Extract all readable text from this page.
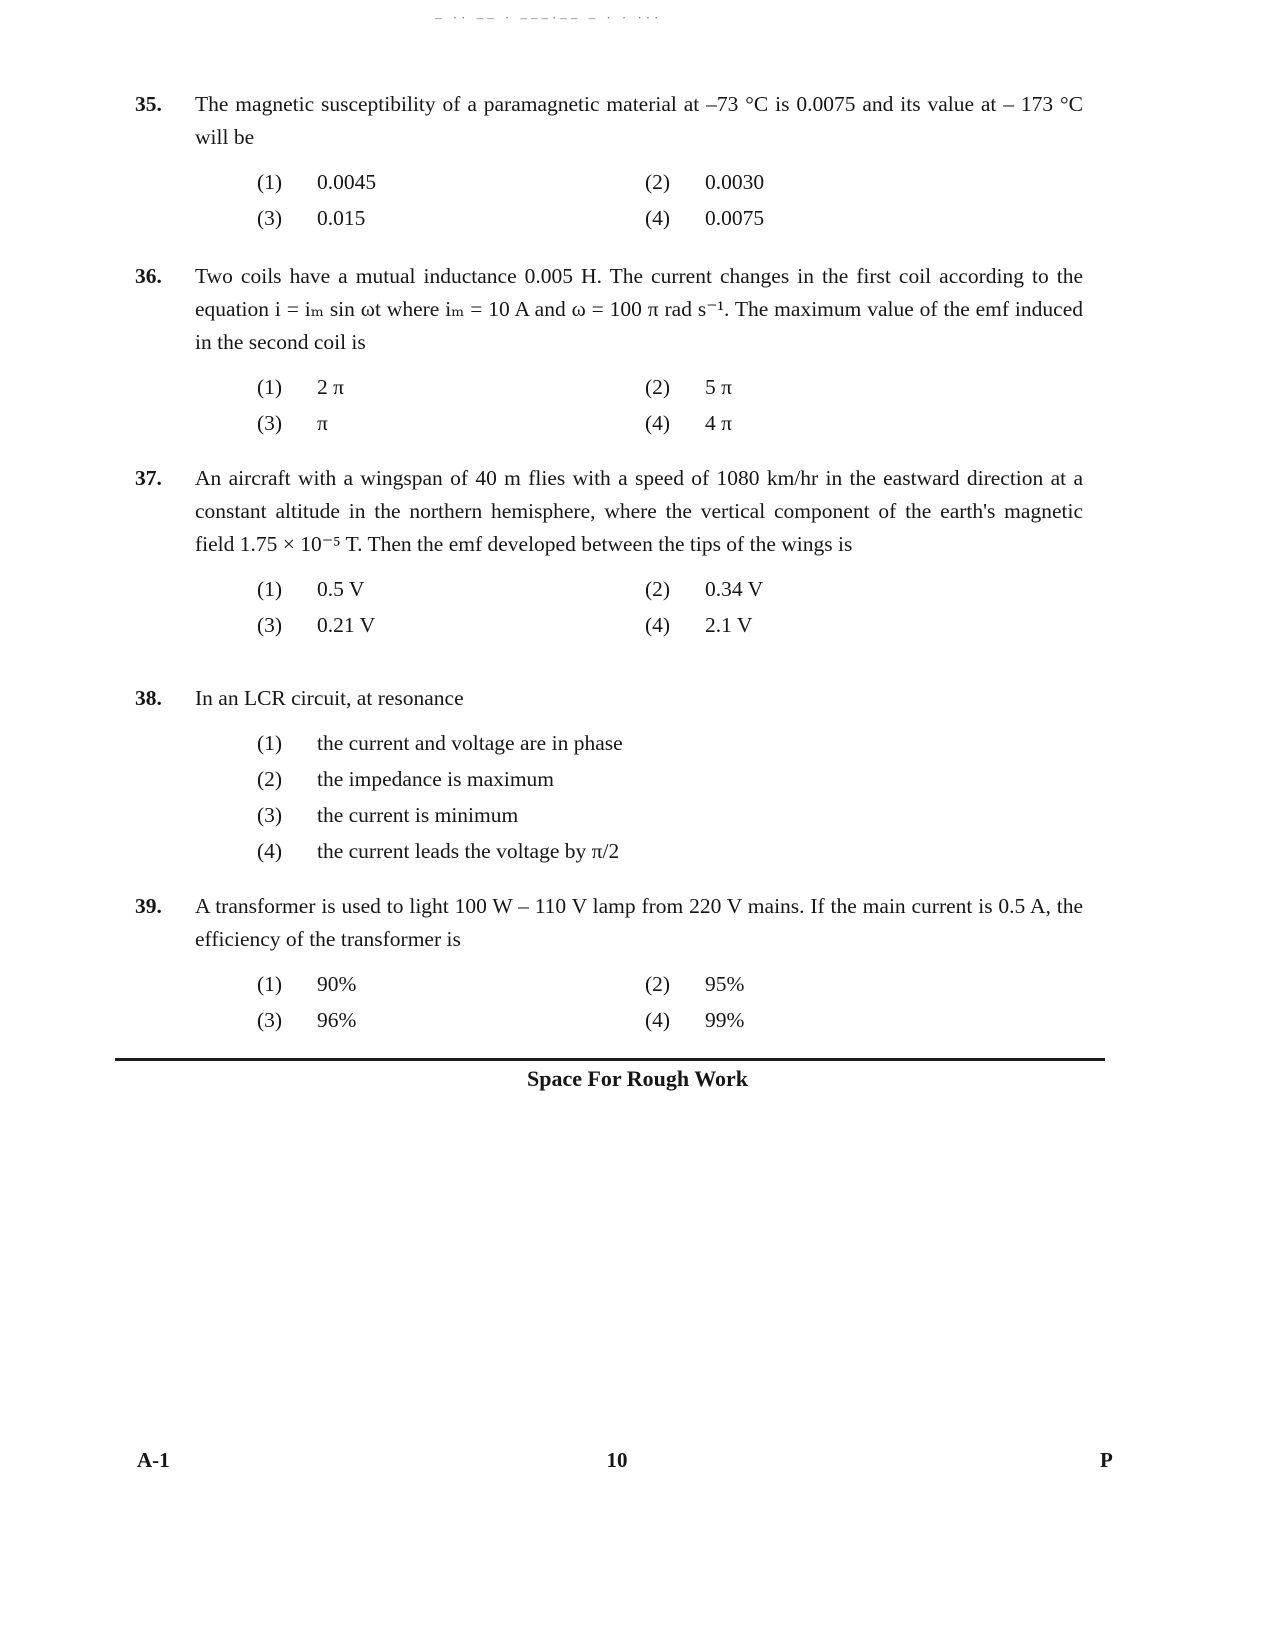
– ·· –– · –––·–– – · · ···
35.	The magnetic susceptibility of a paramagnetic material at –73 °C is 0.0075 and its value at – 173 °C will be

(1)	0.0045	(2)	0.0030
(3)	0.015	(4)	0.0075
36.	Two coils have a mutual inductance 0.005 H. The current changes in the first coil according to the equation i = iₘ sin ωt where iₘ = 10 A and ω = 100 π rad s⁻¹. The maximum value of the emf induced in the second coil is

(1)	2 π	(2)	5 π
(3)	π	(4)	4 π
37.	An aircraft with a wingspan of 40 m flies with a speed of 1080 km/hr in the eastward direction at a constant altitude in the northern hemisphere, where the vertical component of the earth's magnetic field 1.75 × 10⁻⁵ T. Then the emf developed between the tips of the wings is

(1)	0.5 V	(2)	0.34 V
(3)	0.21 V	(4)	2.1 V
38.	In an LCR circuit, at resonance

(1)	the current and voltage are in phase
(2)	the impedance is maximum
(3)	the current is minimum
(4)	the current leads the voltage by π/2
39.	A transformer is used to light 100 W – 110 V lamp from 220 V mains. If the main current is 0.5 A, the efficiency of the transformer is

(1)	90%	(2)	95%
(3)	96%	(4)	99%
Space For Rough Work
A-1	10	P
